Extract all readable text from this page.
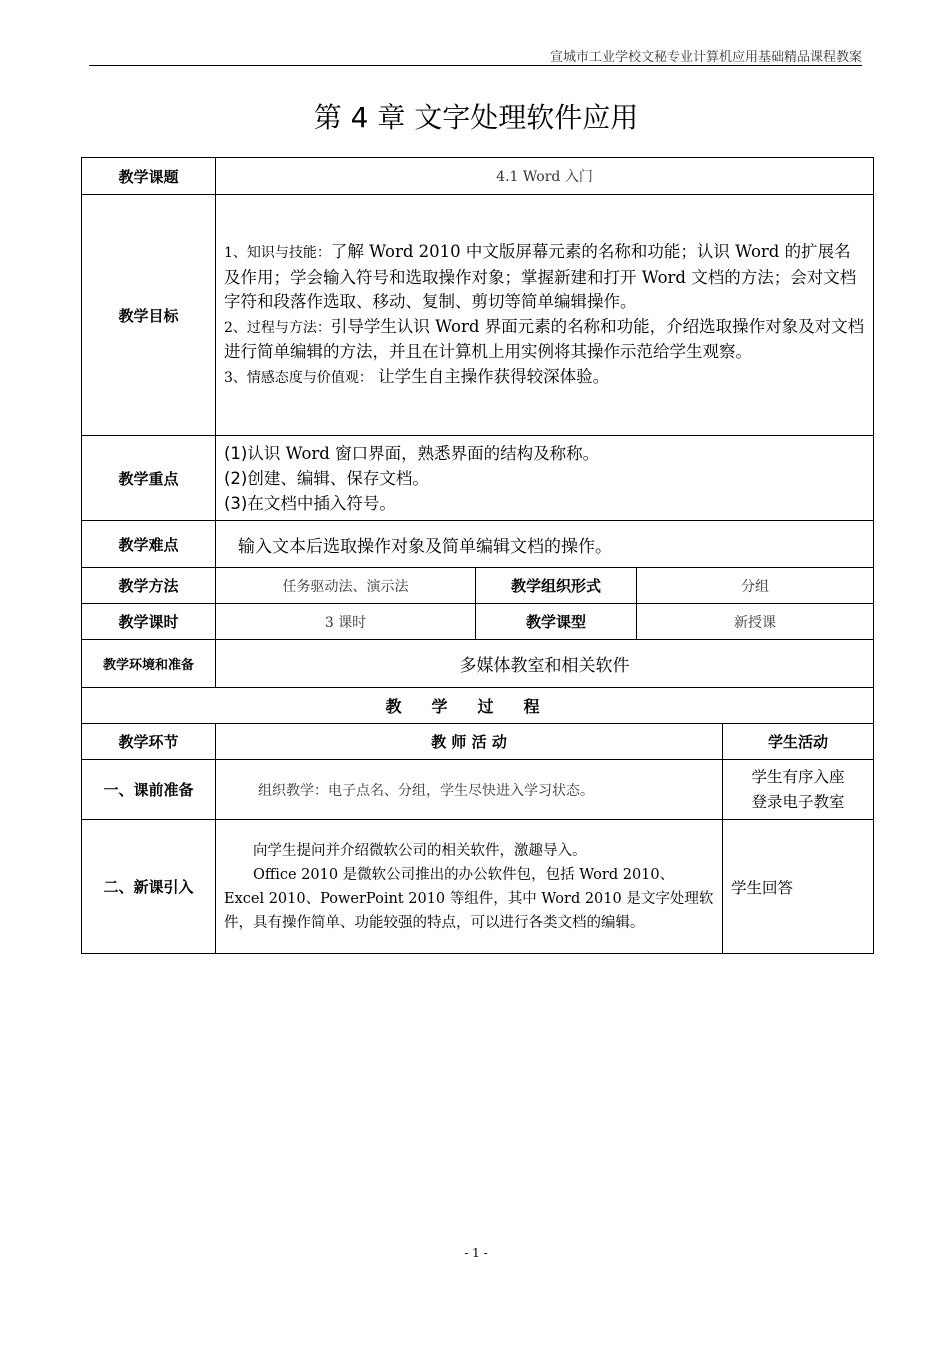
宣城市工业学校文秘专业计算机应用基础精品课程教案
第 4 章 文字处理软件应用
教学课题	4.1 Word 入门			
教学目标	1、知识与技能：了解 Word 2010 中文版屏幕元素的名称和功能；认识 Word 的扩展名及作用；学会输入符号和选取操作对象；掌握新建和打开 Word 文档的方法；会对文档字符和段落作选取、移动、复制、剪切等简单编辑操作。
2、过程与方法：引导学生认识 Word 界面元素的名称和功能，介绍选取操作对象及对文档进行简单编辑的方法，并且在计算机上用实例将其操作示范给学生观察。
3、情感态度与价值观： 让学生自主操作获得较深体验。			

教学重点	(1)认识 Word 窗口界面，熟悉界面的结构及称称。
(2)创建、编辑、保存文档。
(3)在文档中插入符号。			

教学难点	输入文本后选取操作对象及简单编辑文档的操作。			
教学方法	任务驱动法、演示法	教学组织形式	分组	
教学课时	3 课时	教学课型	新授课	
教学环境和准备	多媒体教室和相关软件			
教学过程				
教学环节	教 师 活 动			学生活动
一、课前准备	组织教学：电子点名、分组，学生尽快进入学习状态。			学生有序入座
登录电子教室

二、新课引入	向学生提问并介绍微软公司的相关软件，激趣导入。
Office 2010 是微软公司推出的办公软件包，包括 Word 2010、Excel 2010、PowerPoint 2010 等组件，其中 Word 2010 是文字处理软件，具有操作简单、功能较强的特点，可以进行各类文档的编辑。			学生回答
- 1 -
